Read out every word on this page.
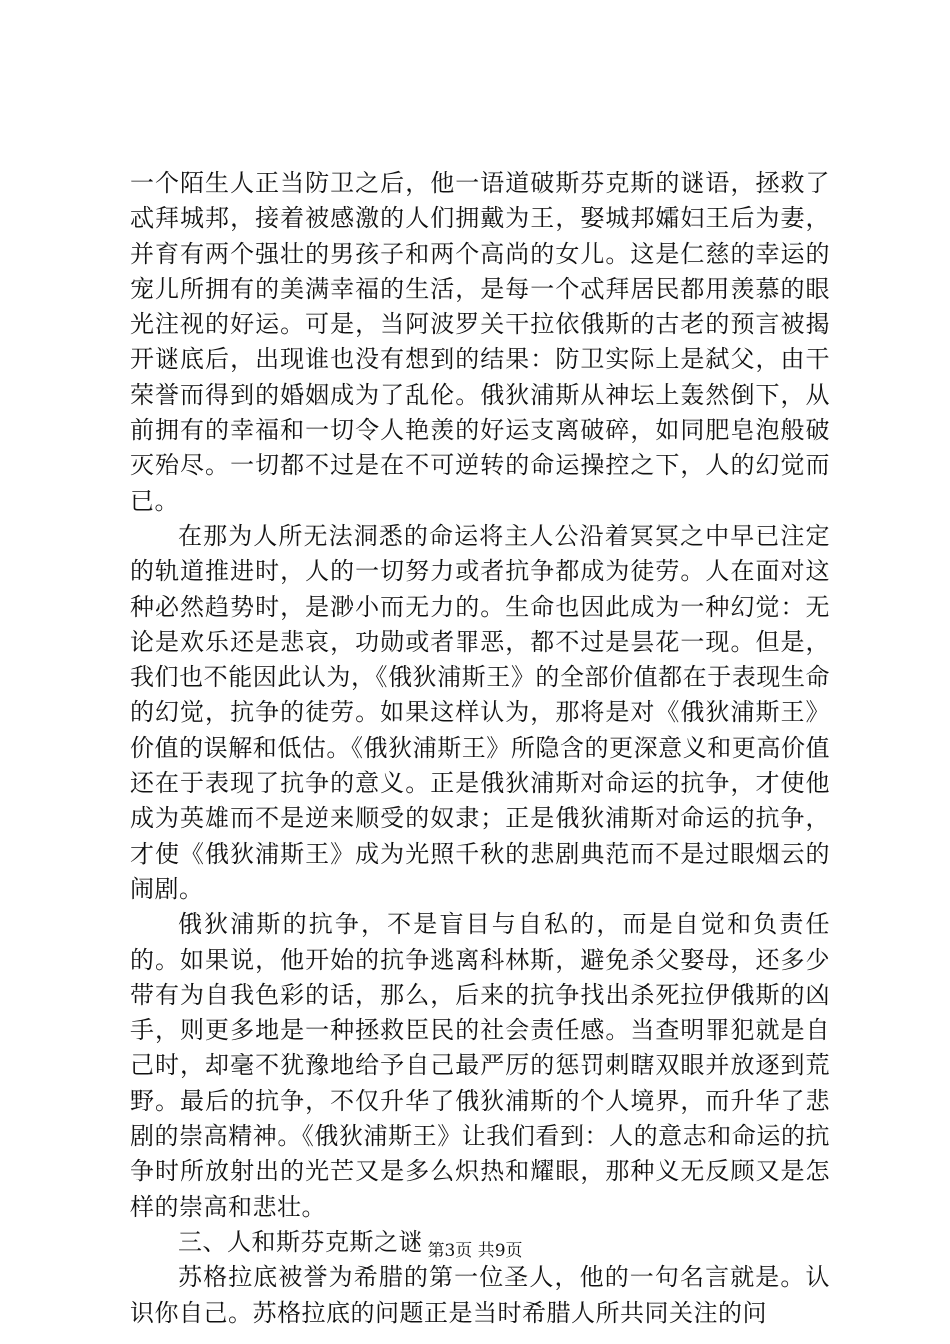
一个陌生人正当防卫之后，他一语道破斯芬克斯的谜语，拯救了忒拜城邦，接着被感激的人们拥戴为王，娶城邦孀妇王后为妻，并育有两个强壮的男孩子和两个高尚的女儿。这是仁慈的幸运的宠儿所拥有的美满幸福的生活，是每一个忒拜居民都用羡慕的眼光注视的好运。可是，当阿波罗关干拉依俄斯的古老的预言被揭开谜底后，出现谁也没有想到的结果：防卫实际上是弑父，由干荣誉而得到的婚姻成为了乱伦。俄狄浦斯从神坛上轰然倒下，从前拥有的幸福和一切令人艳羡的好运支离破碎，如同肥皂泡般破灭殆尽。一切都不过是在不可逆转的命运操控之下，人的幻觉而已。

在那为人所无法洞悉的命运将主人公沿着冥冥之中早已注定的轨道推进时，人的一切努力或者抗争都成为徒劳。人在面对这种必然趋势时，是渺小而无力的。生命也因此成为一种幻觉：无论是欢乐还是悲哀，功勋或者罪恶，都不过是昙花一现。但是，我们也不能因此认为，《俄狄浦斯王》的全部价值都在于表现生命的幻觉，抗争的徒劳。如果这样认为，那将是对《俄狄浦斯王》价值的误解和低估。《俄狄浦斯王》所隐含的更深意义和更高价值还在于表现了抗争的意义。正是俄狄浦斯对命运的抗争，才使他成为英雄而不是逆来顺受的奴隶；正是俄狄浦斯对命运的抗争，才使《俄狄浦斯王》成为光照千秋的悲剧典范而不是过眼烟云的闹剧。

俄狄浦斯的抗争，不是盲目与自私的，而是自觉和负责任的。如果说，他开始的抗争逃离科林斯，避免杀父娶母，还多少带有为自我色彩的话，那么，后来的抗争找出杀死拉伊俄斯的凶手，则更多地是一种拯救臣民的社会责任感。当查明罪犯就是自己时，却毫不犹豫地给予自己最严厉的惩罚刺瞎双眼并放逐到荒野。最后的抗争，不仅升华了俄狄浦斯的个人境界，而升华了悲剧的崇高精神。《俄狄浦斯王》让我们看到：人的意志和命运的抗争时所放射出的光芒又是多么炽热和耀眼，那种义无反顾又是怎样的崇高和悲壮。

三、人和斯芬克斯之谜

苏格拉底被誉为希腊的第一位圣人，他的一句名言就是。认识你自己。苏格拉底的问题正是当时希腊人所共同关注的问

第3页 共9页
